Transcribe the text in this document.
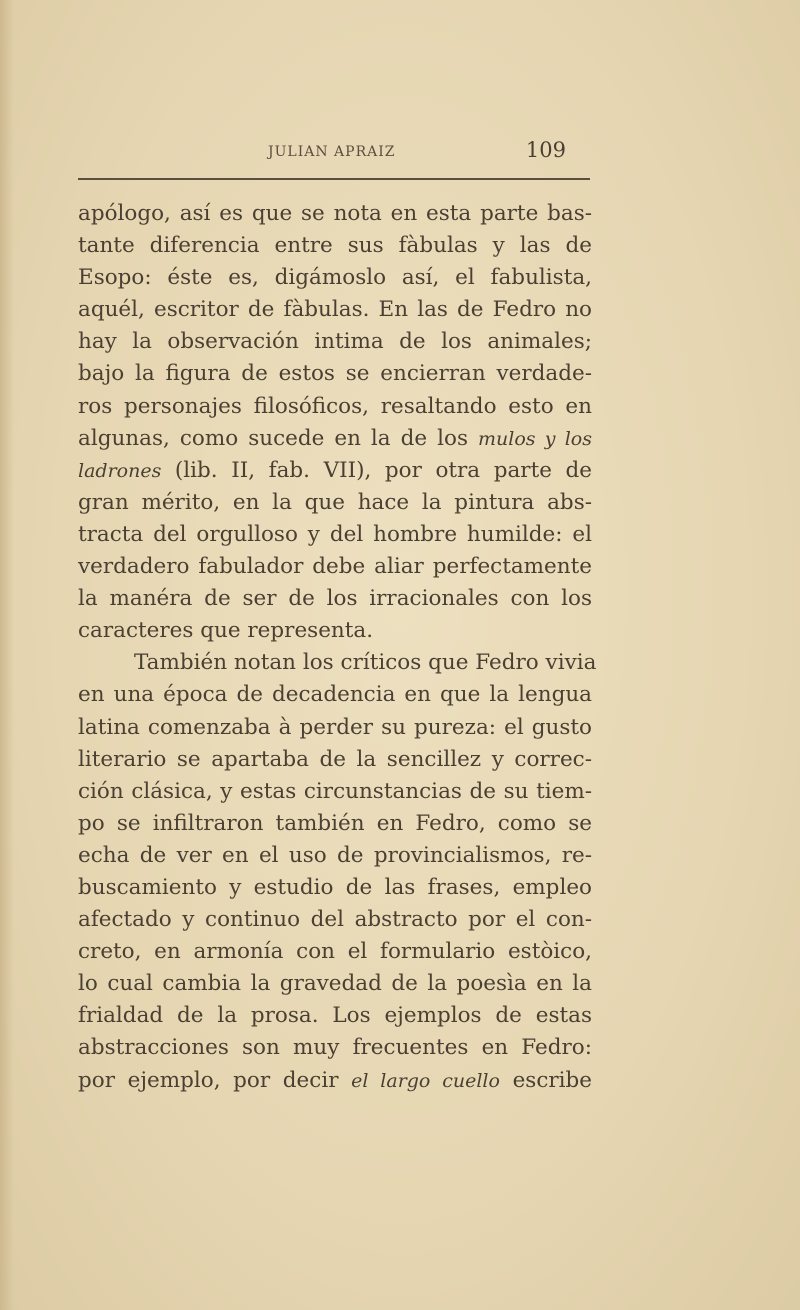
JULIAN APRAIZ	109
apólogo, así es que se nota en esta parte bas-
tante diferencia entre sus fàbulas y las de
Esopo: éste es, digámoslo así, el fabulista,
aquél, escritor de fàbulas. En las de Fedro no
hay la observación intima de los animales;
bajo la figura de estos se encierran verdade-
ros personajes filosóficos, resaltando esto en
algunas, como sucede en la de los mulos y los
ladrones (lib. II, fab. VII), por otra parte de
gran mérito, en la que hace la pintura abs-
tracta del orgulloso y del hombre humilde: el
verdadero fabulador debe aliar perfectamente
la manéra de ser de los irracionales con los
caracteres que representa.
También notan los críticos que Fedro vivia
en una época de decadencia en que la lengua
latina comenzaba à perder su pureza: el gusto
literario se apartaba de la sencillez y correc-
ción clásica, y estas circunstancias de su tiem-
po se infiltraron también en Fedro, como se
echa de ver en el uso de provincialismos, re-
buscamiento y estudio de las frases, empleo
afectado y continuo del abstracto por el con-
creto, en armonía con el formulario estòico,
lo cual cambia la gravedad de la poesìa en la
frialdad de la prosa. Los ejemplos de estas
abstracciones son muy frecuentes en Fedro:
por ejemplo, por decir el largo cuello escribe
